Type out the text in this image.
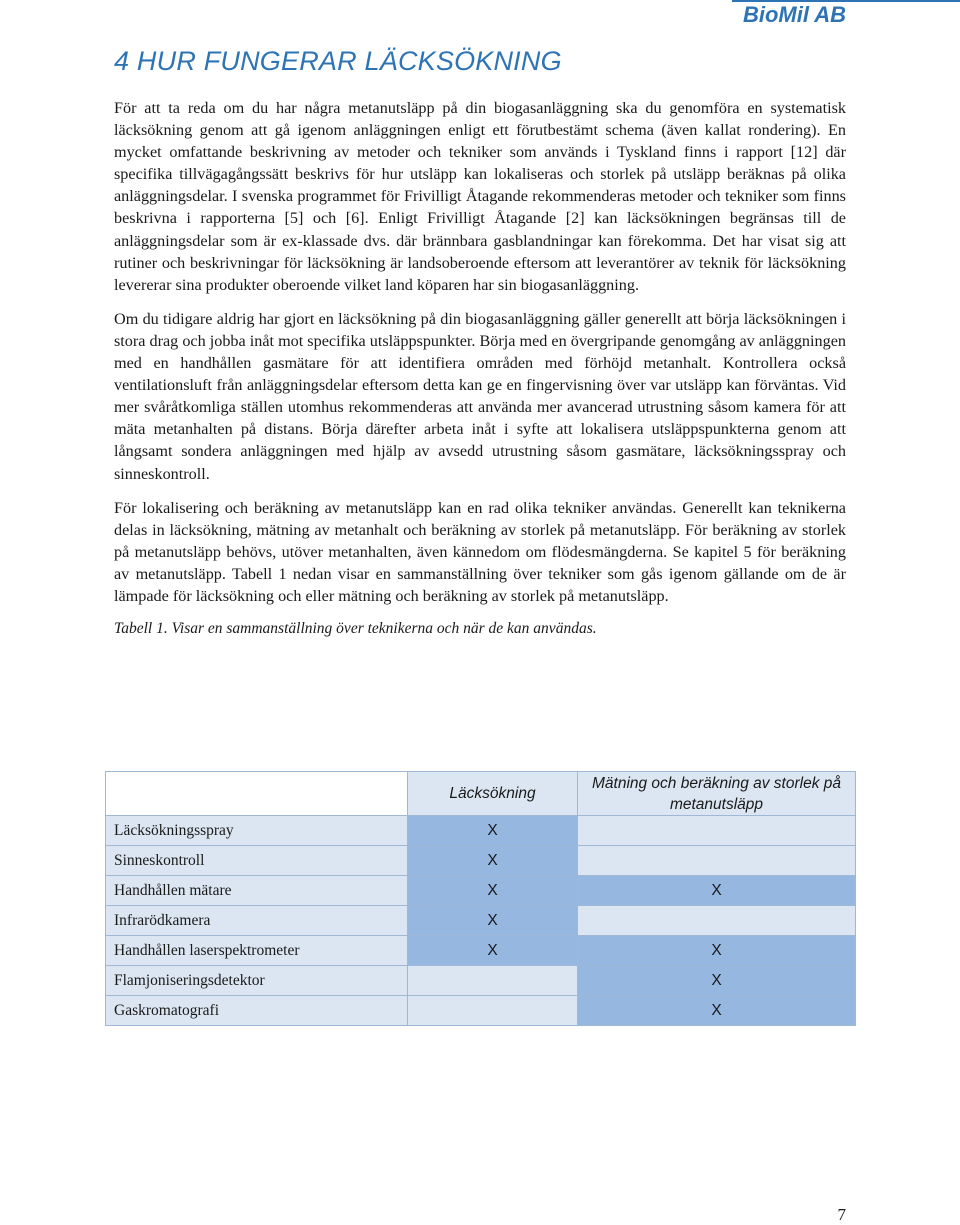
BioMil AB
4 HUR FUNGERAR LÄCKSÖKNING

För att ta reda om du har några metanutsläpp på din biogasanläggning ska du genomföra en systematisk läcksökning genom att gå igenom anläggningen enligt ett förutbestämt schema (även kallat rondering). En mycket omfattande beskrivning av metoder och tekniker som används i Tyskland finns i rapport [12] där specifika tillvägagångssätt beskrivs för hur utsläpp kan lokaliseras och storlek på utsläpp beräknas på olika anläggningsdelar. I svenska programmet för Frivilligt Åtagande rekommenderas metoder och tekniker som finns beskrivna i rapporterna [5] och [6]. Enligt Frivilligt Åtagande [2] kan läcksökningen begränsas till de anläggningsdelar som är ex-klassade dvs. där brännbara gasblandningar kan förekomma. Det har visat sig att rutiner och beskrivningar för läcksökning är landsoberoende eftersom att leverantörer av teknik för läcksökning levererar sina produkter oberoende vilket land köparen har sin biogasanläggning.

Om du tidigare aldrig har gjort en läcksökning på din biogasanläggning gäller generellt att börja läcksökningen i stora drag och jobba inåt mot specifika utsläppspunkter. Börja med en övergripande genomgång av anläggningen med en handhållen gasmätare för att identifiera områden med förhöjd metanhalt. Kontrollera också ventilationsluft från anläggningsdelar eftersom detta kan ge en fingervisning över var utsläpp kan förväntas. Vid mer svåråtkomliga ställen utomhus rekommenderas att använda mer avancerad utrustning såsom kamera för att mäta metanhalten på distans. Börja därefter arbeta inåt i syfte att lokalisera utsläppspunkterna genom att långsamt sondera anläggningen med hjälp av avsedd utrustning såsom gasmätare, läcksökningsspray och sinneskontroll.

För lokalisering och beräkning av metanutsläpp kan en rad olika tekniker användas. Generellt kan teknikerna delas in läcksökning, mätning av metanhalt och beräkning av storlek på metanutsläpp. För beräkning av storlek på metanutsläpp behövs, utöver metanhalten, även kännedom om flödesmängderna. Se kapitel 5 för beräkning av metanutsläpp. Tabell 1 nedan visar en sammanställning över tekniker som gås igenom gällande om de är lämpade för läcksökning och eller mätning och beräkning av storlek på metanutsläpp.

Tabell 1. Visar en sammanställning över teknikerna och när de kan användas.

	Läcksökning	Mätning och beräkning av storlek på metanutsläpp
Läcksökningsspray	X	
Sinneskontroll	X	
Handhållen mätare	X	X
Infrarödkamera	X	
Handhållen laserspektrometer	X	X
Flamjoniseringsdetektor		X
Gaskromatografi		X
7
